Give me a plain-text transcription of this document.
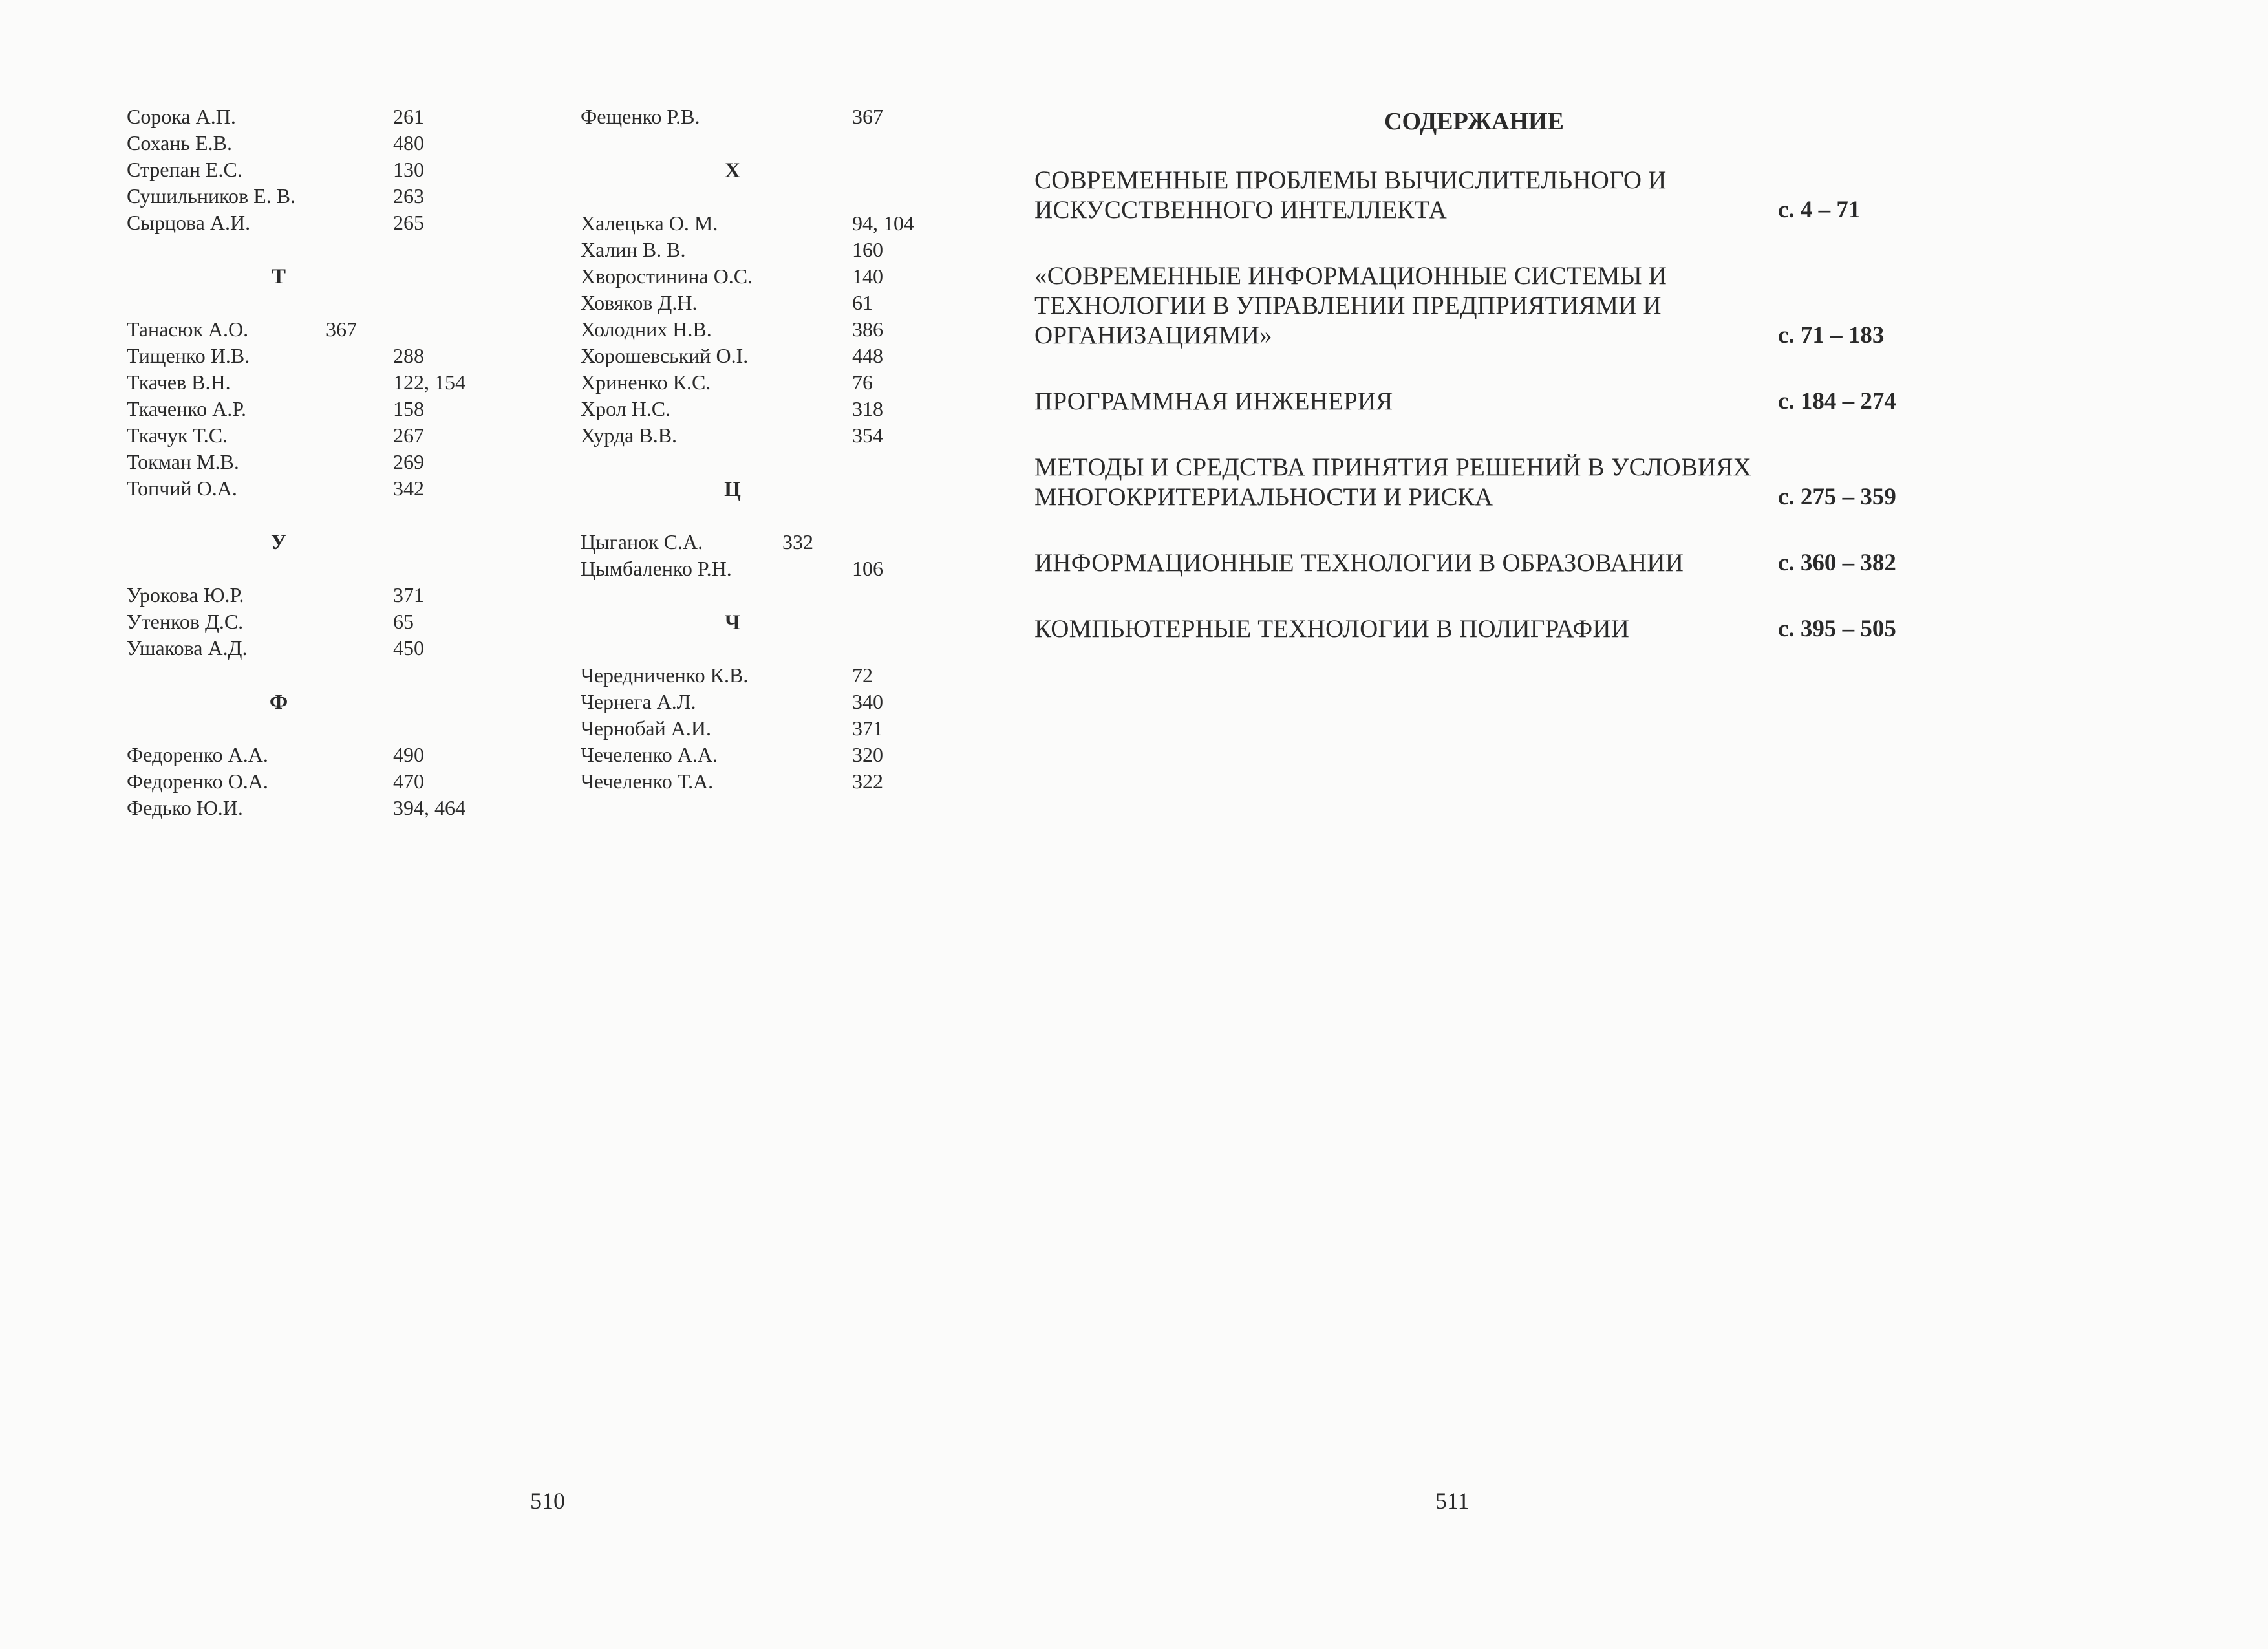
Сорока А.П.	261
Сохань Е.В.	480
Стрепан Е.С.	130
Сушильников Е. В.	263
Сырцова А.И.	265
Т
Танасюк А.О.	367
Тищенко И.В.	288
Ткачев В.Н.	122, 154
Ткаченко А.Р.	158
Ткачук Т.С.	267
Токман М.В.	269
Топчий О.А.	342
У
Урокова Ю.Р.	371
Утенков Д.С.	65
Ушакова А.Д.	450
Ф
Федоренко А.А.	490
Федоренко О.А.	470
Федько Ю.И.	394, 464
Фещенко Р.В.	367
Х
Халецька О. М.	94, 104
Халин В. В.	160
Хворостинина О.С.	140
Ховяков Д.Н.	61
Холодних Н.В.	386
Хорошевський О.І.	448
Хриненко К.С.	76
Хрол Н.С.	318
Хурда В.В.	354
Ц
Цыганок С.А.	332
Цымбаленко Р.Н.	106
Ч
Чередниченко К.В.	72
Чернега А.Л.	340
Чернобай А.И.	371
Чечеленко А.А.	320
Чечеленко Т.А.	322
510
СОДЕРЖАНИЕ
СОВРЕМЕННЫЕ ПРОБЛЕМЫ ВЫЧИСЛИТЕЛЬНОГО И ИСКУССТВЕННОГО ИНТЕЛЛЕКТА	с. 4 – 71
«СОВРЕМЕННЫЕ ИНФОРМАЦИОННЫЕ СИСТЕМЫ И ТЕХНОЛОГИИ В УПРАВЛЕНИИ ПРЕДПРИЯТИЯМИ И ОРГАНИЗАЦИЯМИ»	с. 71 – 183
ПРОГРАММНАЯ ИНЖЕНЕРИЯ	с. 184 – 274
МЕТОДЫ И СРЕДСТВА ПРИНЯТИЯ РЕШЕНИЙ В УСЛОВИЯХ МНОГОКРИТЕРИАЛЬНОСТИ И РИСКА	с. 275 – 359
ИНФОРМАЦИОННЫЕ ТЕХНОЛОГИИ В ОБРАЗОВАНИИ	с. 360 – 382
КОМПЬЮТЕРНЫЕ ТЕХНОЛОГИИ В ПОЛИГРАФИИ	с. 395 – 505
511
